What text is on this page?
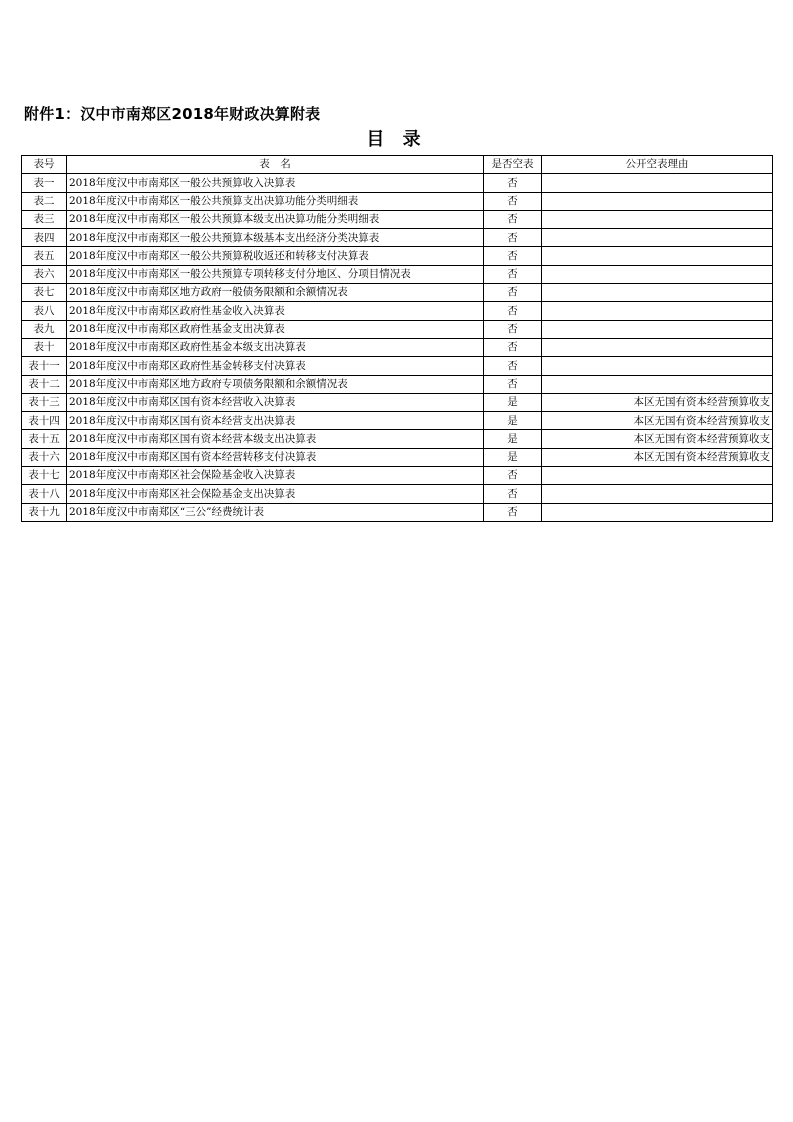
附件1：汉中市南郑区2018年财政决算附表
目 录
表号	表　名	是否空表	公开空表理由
表一	2018年度汉中市南郑区一般公共预算收入决算表	否	
表二	2018年度汉中市南郑区一般公共预算支出决算功能分类明细表	否	
表三	2018年度汉中市南郑区一般公共预算本级支出决算功能分类明细表	否	
表四	2018年度汉中市南郑区一般公共预算本级基本支出经济分类决算表	否	
表五	2018年度汉中市南郑区一般公共预算税收返还和转移支付决算表	否	
表六	2018年度汉中市南郑区一般公共预算专项转移支付分地区、分项目情况表	否	
表七	2018年度汉中市南郑区地方政府一般债务限额和余额情况表	否	
表八	2018年度汉中市南郑区政府性基金收入决算表	否	
表九	2018年度汉中市南郑区政府性基金支出决算表	否	
表十	2018年度汉中市南郑区政府性基金本级支出决算表	否	
表十一	2018年度汉中市南郑区政府性基金转移支付决算表	否	
表十二	2018年度汉中市南郑区地方政府专项债务限额和余额情况表	否	
表十三	2018年度汉中市南郑区国有资本经营收入决算表	是	本区无国有资本经营预算收支
表十四	2018年度汉中市南郑区国有资本经营支出决算表	是	本区无国有资本经营预算收支
表十五	2018年度汉中市南郑区国有资本经营本级支出决算表	是	本区无国有资本经营预算收支
表十六	2018年度汉中市南郑区国有资本经营转移支付决算表	是	本区无国有资本经营预算收支
表十七	2018年度汉中市南郑区社会保险基金收入决算表	否	
表十八	2018年度汉中市南郑区社会保险基金支出决算表	否	
表十九	2018年度汉中市南郑区“三公”经费统计表	否	
